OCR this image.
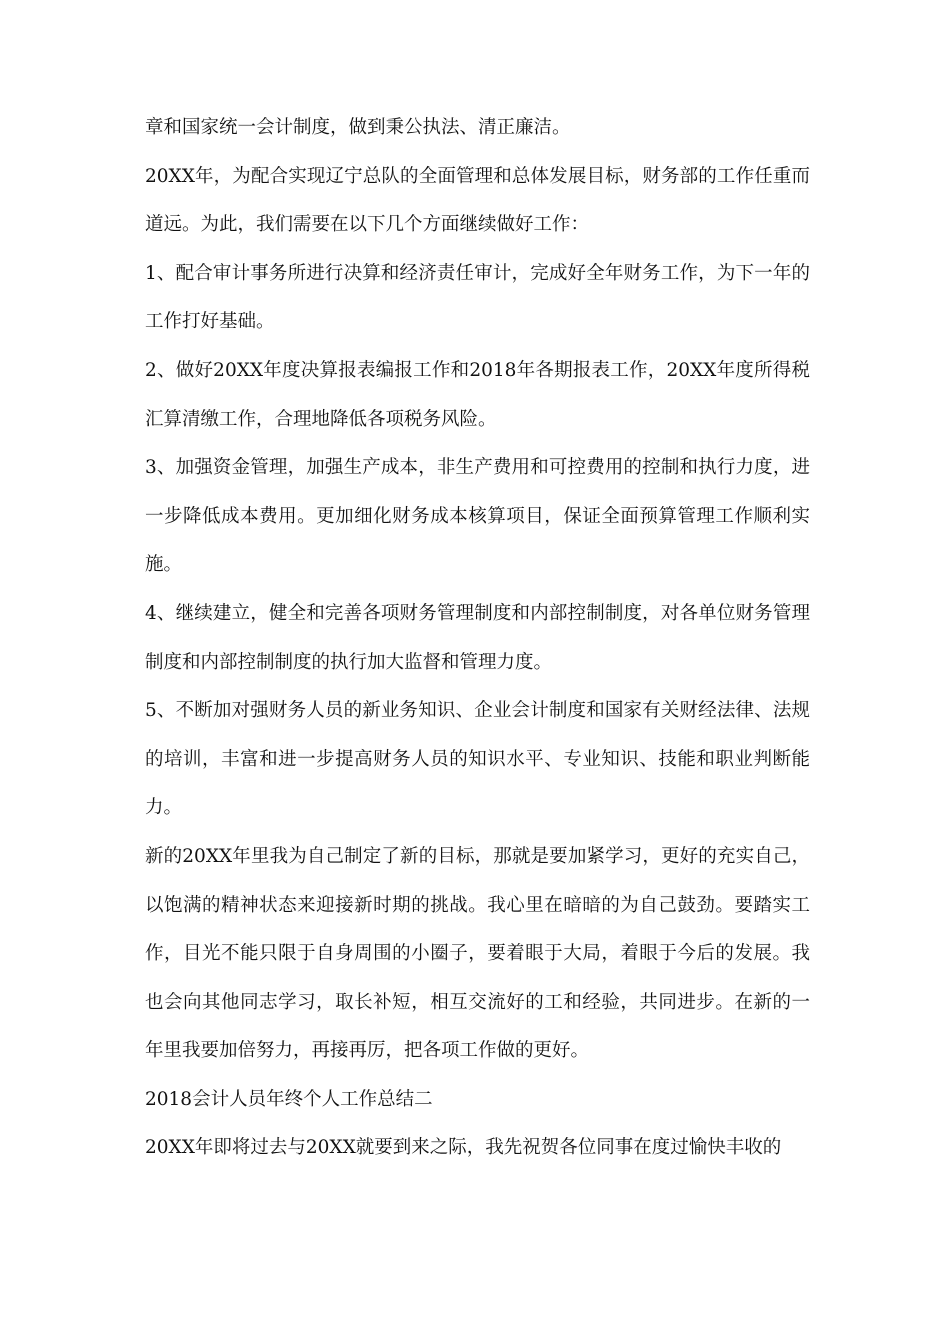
章和国家统一会计制度，做到秉公执法、清正廉洁。

20XX年，为配合实现辽宁总队的全面管理和总体发展目标，财务部的工作任重而道远。为此，我们需要在以下几个方面继续做好工作：

1、配合审计事务所进行决算和经济责任审计，完成好全年财务工作，为下一年的工作打好基础。

2、做好20XX年度决算报表编报工作和2018年各期报表工作，20XX年度所得税汇算清缴工作，合理地降低各项税务风险。

3、加强资金管理，加强生产成本，非生产费用和可控费用的控制和执行力度，进一步降低成本费用。更加细化财务成本核算项目，保证全面预算管理工作顺利实施。

4、继续建立，健全和完善各项财务管理制度和内部控制制度，对各单位财务管理制度和内部控制制度的执行加大监督和管理力度。

5、不断加对强财务人员的新业务知识、企业会计制度和国家有关财经法律、法规的培训，丰富和进一步提高财务人员的知识水平、专业知识、技能和职业判断能力。

新的20XX年里我为自己制定了新的目标，那就是要加紧学习，更好的充实自己，以饱满的精神状态来迎接新时期的挑战。我心里在暗暗的为自己鼓劲。要踏实工作，目光不能只限于自身周围的小圈子，要着眼于大局，着眼于今后的发展。我也会向其他同志学习，取长补短，相互交流好的工和经验，共同进步。在新的一年里我要加倍努力，再接再厉，把各项工作做的更好。

2018会计人员年终个人工作总结二

20XX年即将过去与20XX就要到来之际，我先祝贺各位同事在度过愉快丰收的
